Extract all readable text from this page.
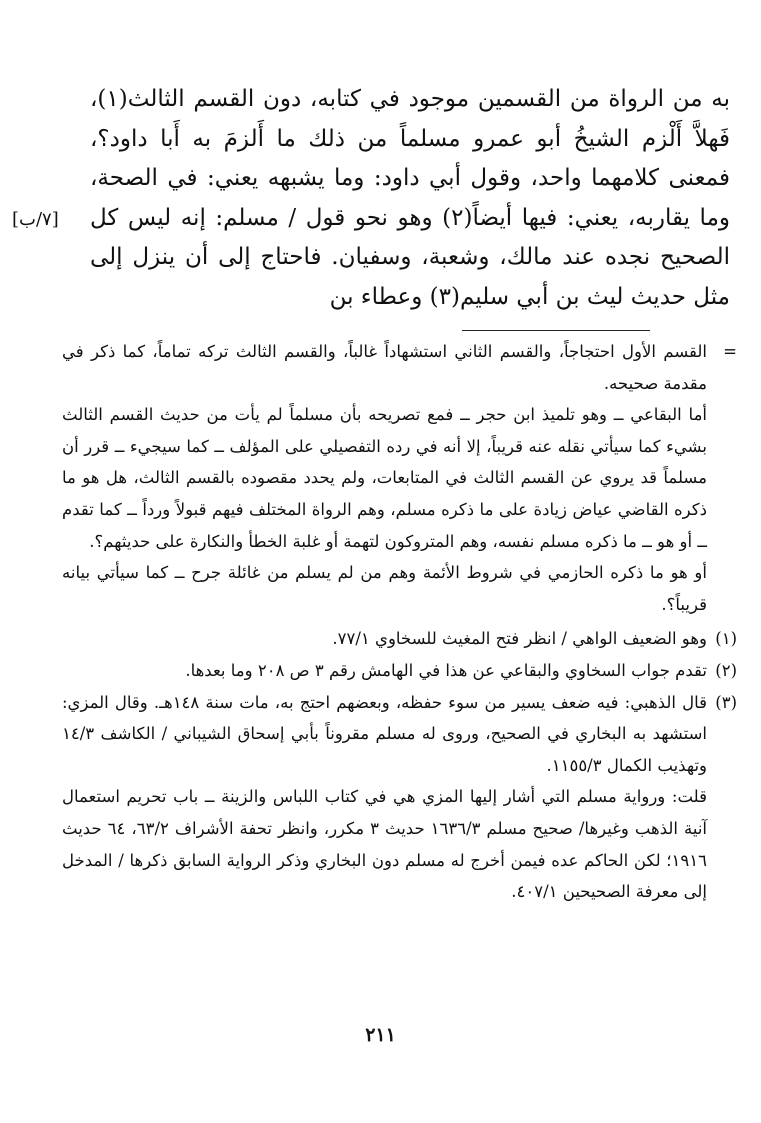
به من الرواة من القسمين موجود في كتابه، دون القسم الثالث(١)، فَهلاَّ أَلْزم الشيخُ أبو عمرو مسلماً من ذلك ما أَلزمَ به أَبا داود؟، فمعنى كلامهما واحد، وقول أبي داود: وما يشبهه يعني: في الصحة، وما يقاربه، يعني: فيها أيضاً(٢) وهو نحو قول / مسلم: إنه ليس كل الصحيح نجده عند مالك، وشعبة، وسفيان. فاحتاج إلى أن ينزل إلى مثل حديث ليث بن أبي سليم(٣) وعطاء بن

[٧/ب]
=

القسم الأول احتجاجاً، والقسم الثاني استشهاداً غالباً، والقسم الثالث تركه تماماً، كما ذكر في مقدمة صحيحه.

أما البقاعي ــ وهو تلميذ ابن حجر ــ فمع تصريحه بأن مسلماً لم يأت من حديث القسم الثالث بشيء كما سيأتي نقله عنه قريباً، إلا أنه في رده التفصيلي على المؤلف ــ كما سيجيء ــ قرر أن مسلماً قد يروي عن القسم الثالث في المتابعات، ولم يحدد مقصوده بالقسم الثالث، هل هو ما ذكره القاضي عياض زيادة على ما ذكره مسلم، وهم الرواة المختلف فيهم قبولاً ورداً ــ كما تقدم ــ أو هو ــ ما ذكره مسلم نفسه، وهم المتروكون لتهمة أو غلبة الخطأ والنكارة على حديثهم؟.

أو هو ما ذكره الحازمي في شروط الأئمة وهم من لم يسلم من غائلة جرح ــ كما سيأتي بيانه قريباً؟.

(١)

وهو الضعيف الواهي / انظر فتح المغيث للسخاوي ٧٧/١.

(٢)

تقدم جواب السخاوي والبقاعي عن هذا في الهامش رقم ٣ ص ٢٠٨ وما بعدها.

(٣)

قال الذهبي: فيه ضعف يسير من سوء حفظه، وبعضهم احتج به، مات سنة ١٤٨هـ. وقال المزي: استشهد به البخاري في الصحيح، وروى له مسلم مقروناً بأبي إسحاق الشيباني / الكاشف ١٤/٣ وتهذيب الكمال ١١٥٥/٣.

قلت: ورواية مسلم التي أشار إليها المزي هي في كتاب اللباس والزينة ــ باب تحريم استعمال آنية الذهب وغيرها/ صحيح مسلم ١٦٣٦/٣ حديث ٣ مكرر، وانظر تحفة الأشراف ٦٣/٢، ٦٤ حديث ١٩١٦؛ لكن الحاكم عده فيمن أخرج له مسلم دون البخاري وذكر الرواية السابق ذكرها / المدخل إلى معرفة الصحيحين ٤٠٧/١.

٢١١
